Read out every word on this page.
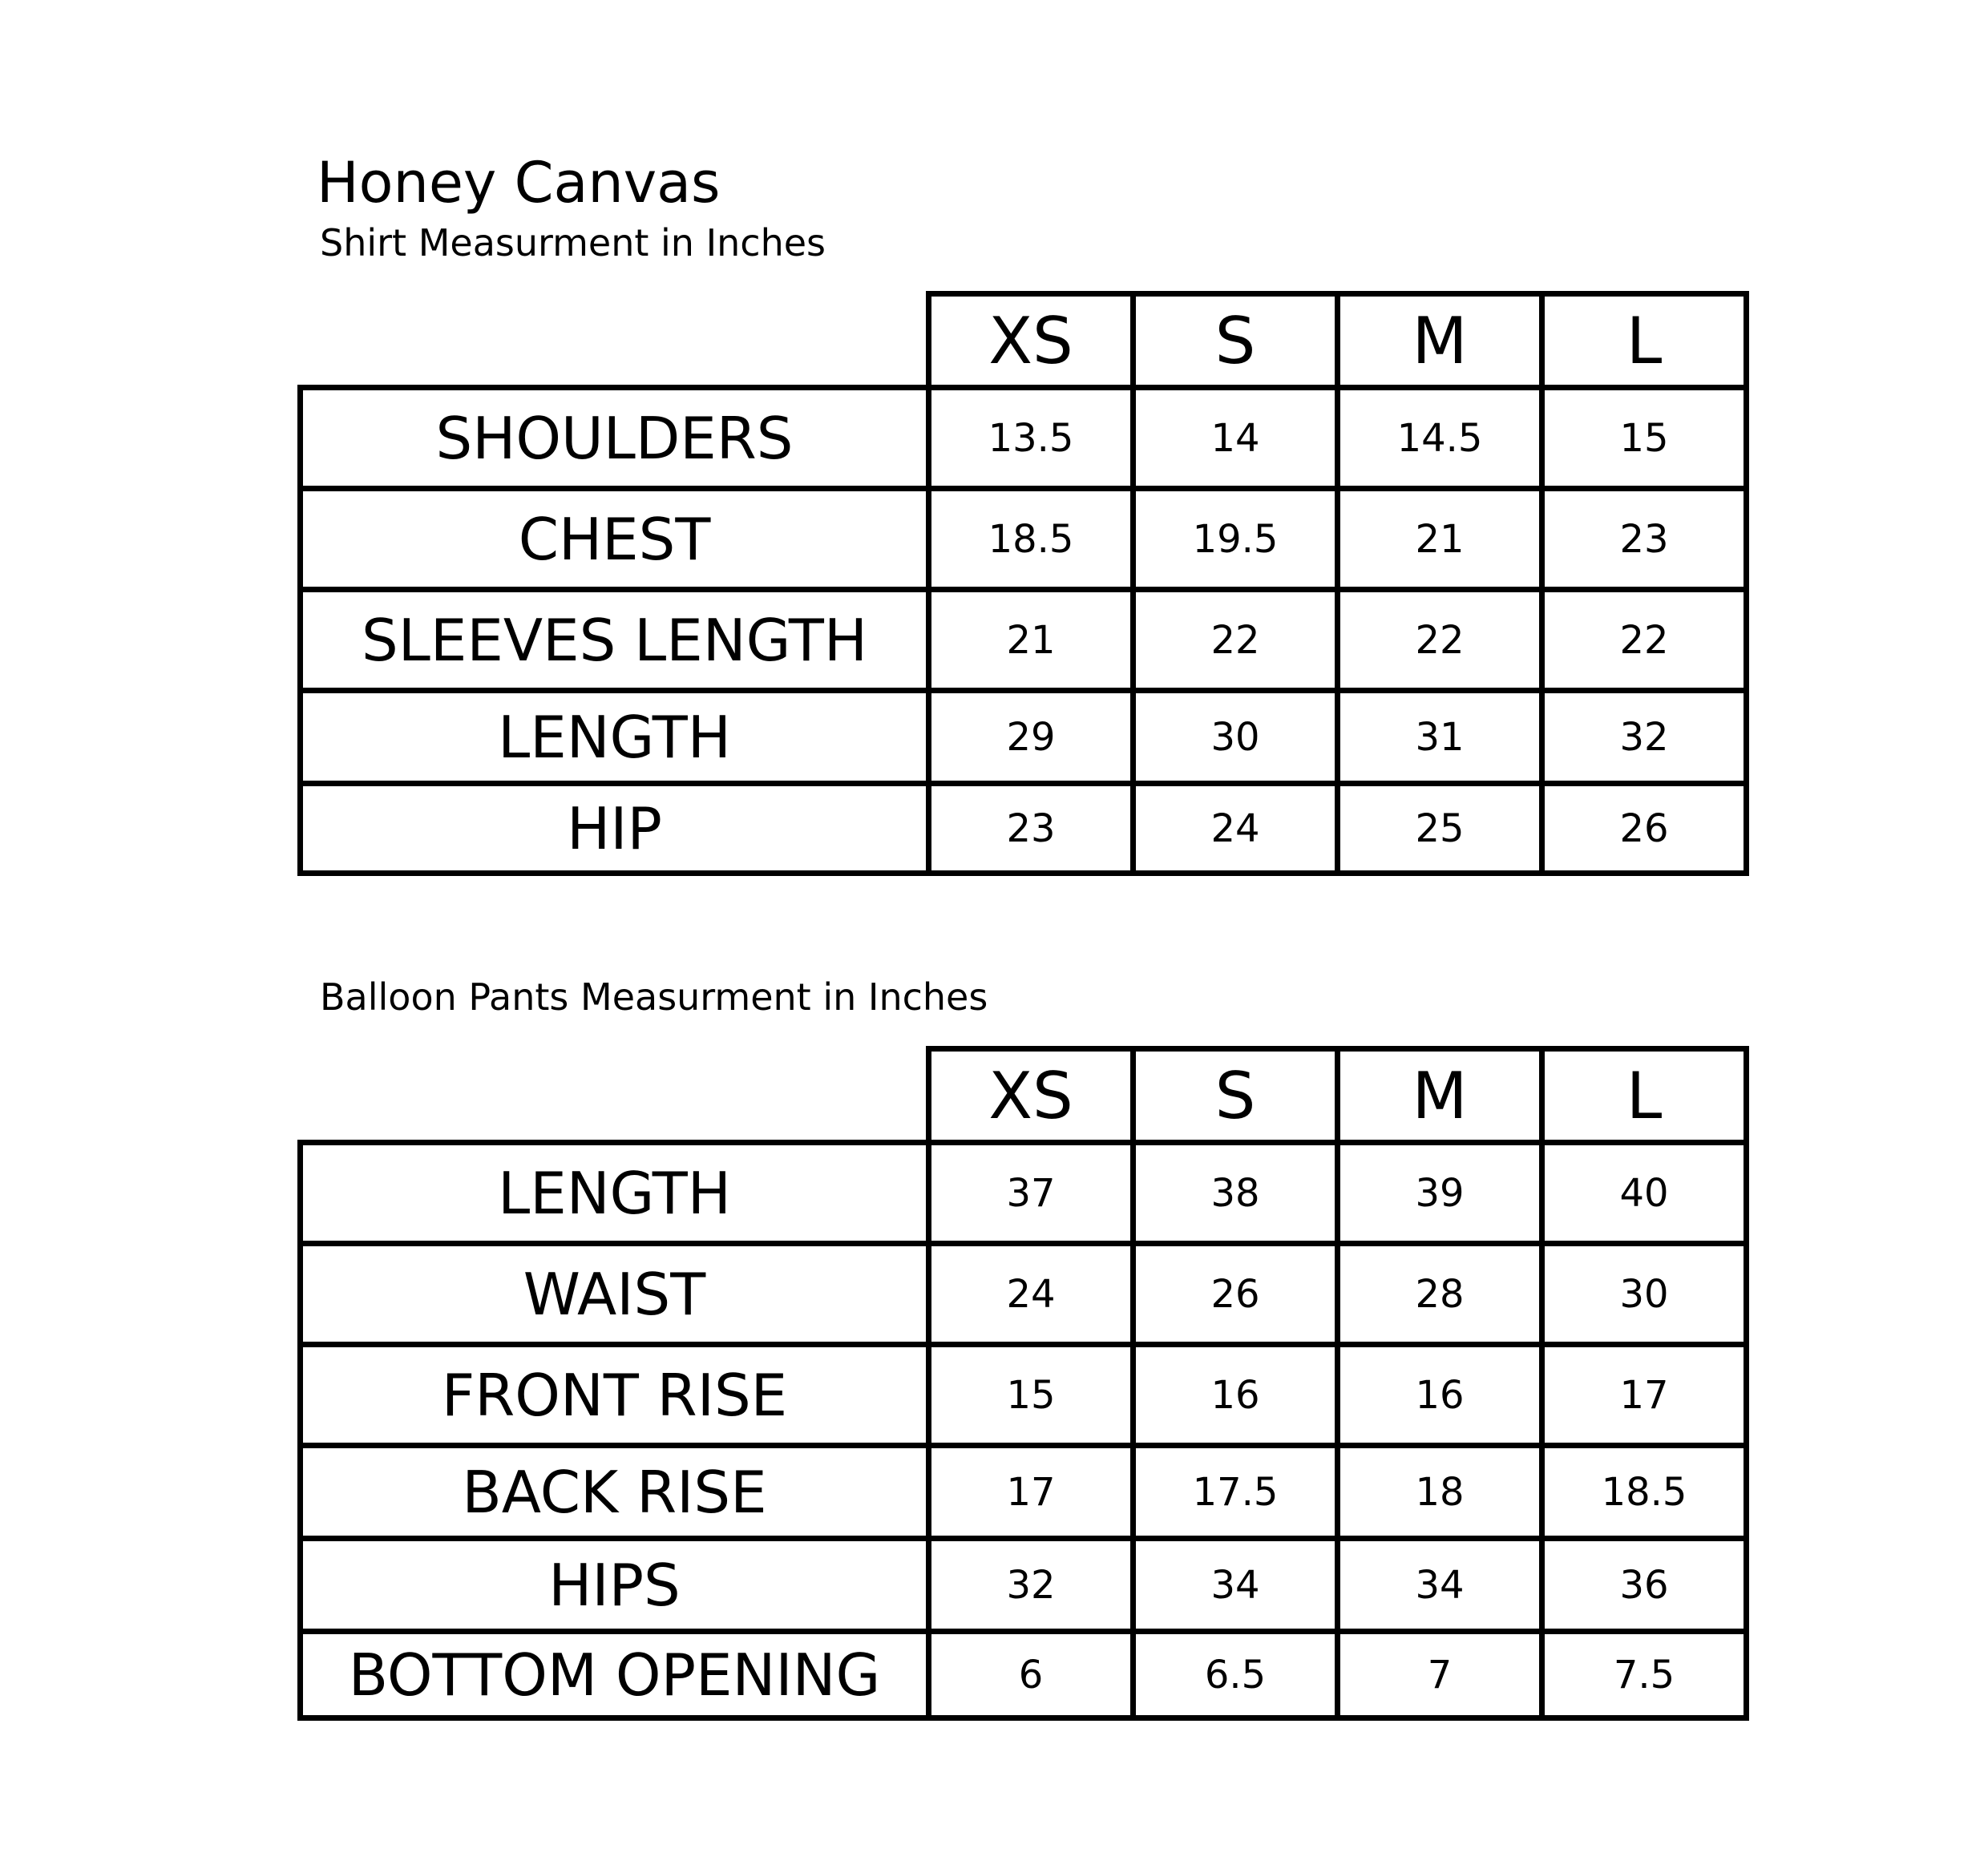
Honey Canvas
Shirt Measurment in Inches
	XS	S	M	L
SHOULDERS	13.5	14	14.5	15
CHEST	18.5	19.5	21	23
SLEEVES LENGTH	21	22	22	22
LENGTH	29	30	31	32
HIP	23	24	25	26
Balloon Pants Measurment in Inches
	XS	S	M	L
LENGTH	37	38	39	40
WAIST	24	26	28	30
FRONT RISE	15	16	16	17
BACK RISE	17	17.5	18	18.5
HIPS	32	34	34	36
BOTTOM OPENING	6	6.5	7	7.5
